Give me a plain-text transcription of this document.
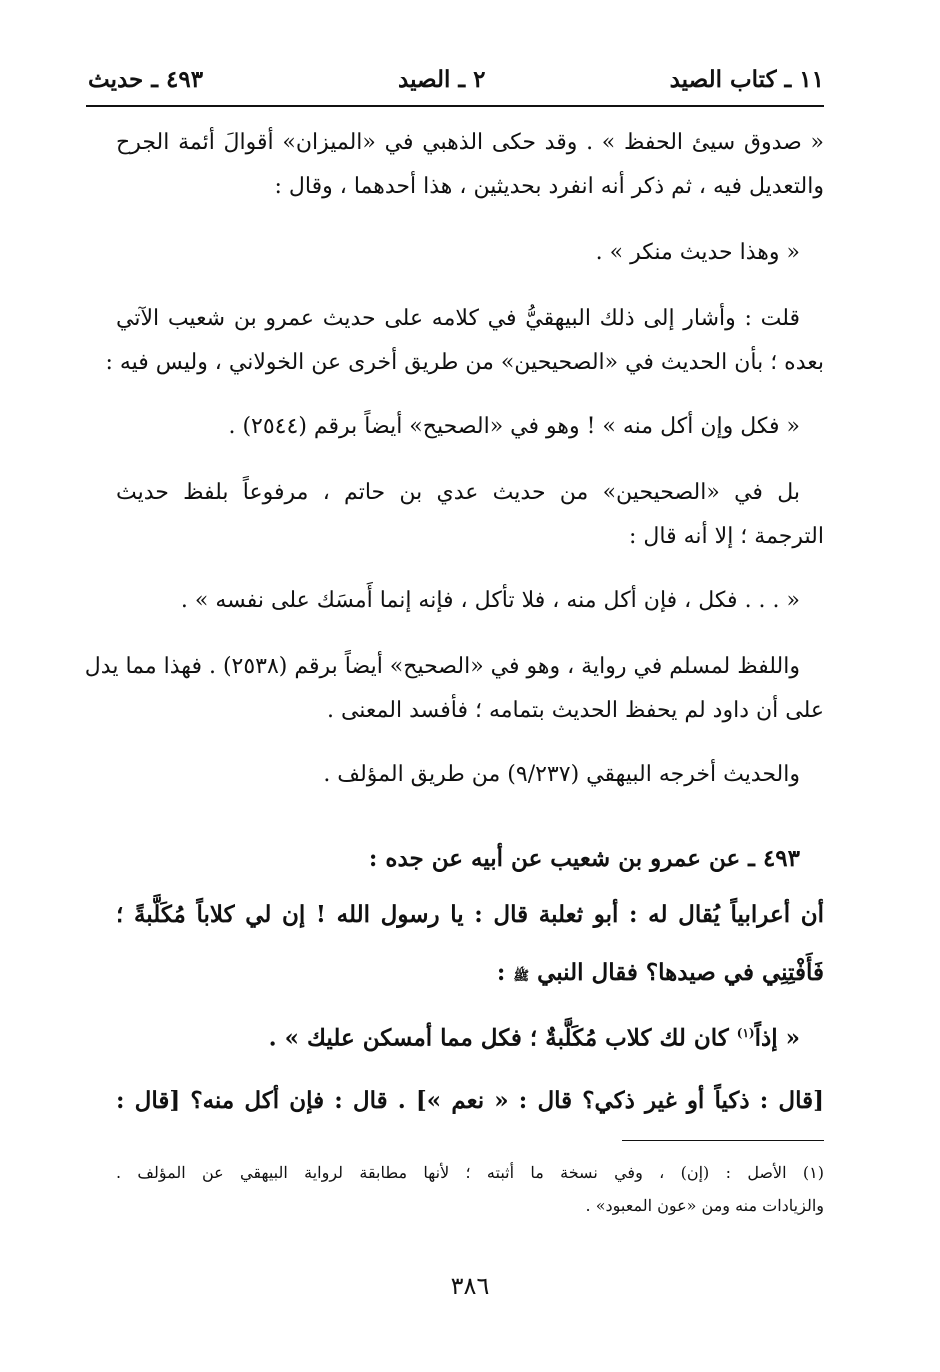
١١ ـ كتاب الصيد
٢ ـ الصيد
٤٩٣ ـ حديث
« صدوق سيئ الحفظ » . وقد حكى الذهبي في «الميزان» أقوالَ أئمة الجرح
والتعديل فيه ، ثم ذكر أنه انفرد بحديثين ، هذا أحدهما ، وقال :
« وهذا حديث منكر » .
قلت : وأشار إلى ذلك البيهقيُّ في كلامه على حديث عمرو بن شعيب الآتي
بعده ؛ بأن الحديث في «الصحيحين» من طريق أخرى عن الخولاني ، وليس فيه :
« فكل وإن أكل منه » ! وهو في «الصحيح» أيضاً برقم (٢٥٤٤) .
بل في «الصحيحين» من حديث عدي بن حاتم ، مرفوعاً بلفظ حديث
الترجمة ؛ إلا أنه قال :
« . . . فكل ، فإن أكل منه ، فلا تأكل ، فإنه إنما أَمسَك على نفسه » .
واللفظ لمسلم في رواية ، وهو في «الصحيح» أيضاً برقم (٢٥٣٨) . فهذا مما يدل
على أن داود لم يحفظ الحديث بتمامه ؛ فأفسد المعنى .
والحديث أخرجه البيهقي (٩/٢٣٧) من طريق المؤلف .
٤٩٣ ـ عن عمرو بن شعيب عن أبيه عن جده :
أن أعرابياً يُقال له : أبو ثعلبة قال : يا رسول الله ! إن لي كلاباً مُكَلَّبةً ؛
فَأَفْتِنِي في صيدها؟ فقال النبي ﷺ :
« إذاً$^{(١)}$ كان لك كلاب مُكَلَّبةٌ ؛ فكل مما أمسكن عليك » .
[قال : ذكياً أو غير ذكي؟ قال : « نعم »] . قال : فإن أكل منه؟ [قال :
(١) الأصل : (إن) ، وفي نسخة ما أثبته ؛ لأنها مطابقة لرواية البيهقي عن المؤلف .
والزيادات منه ومن «عون المعبود» .
٣٨٦
